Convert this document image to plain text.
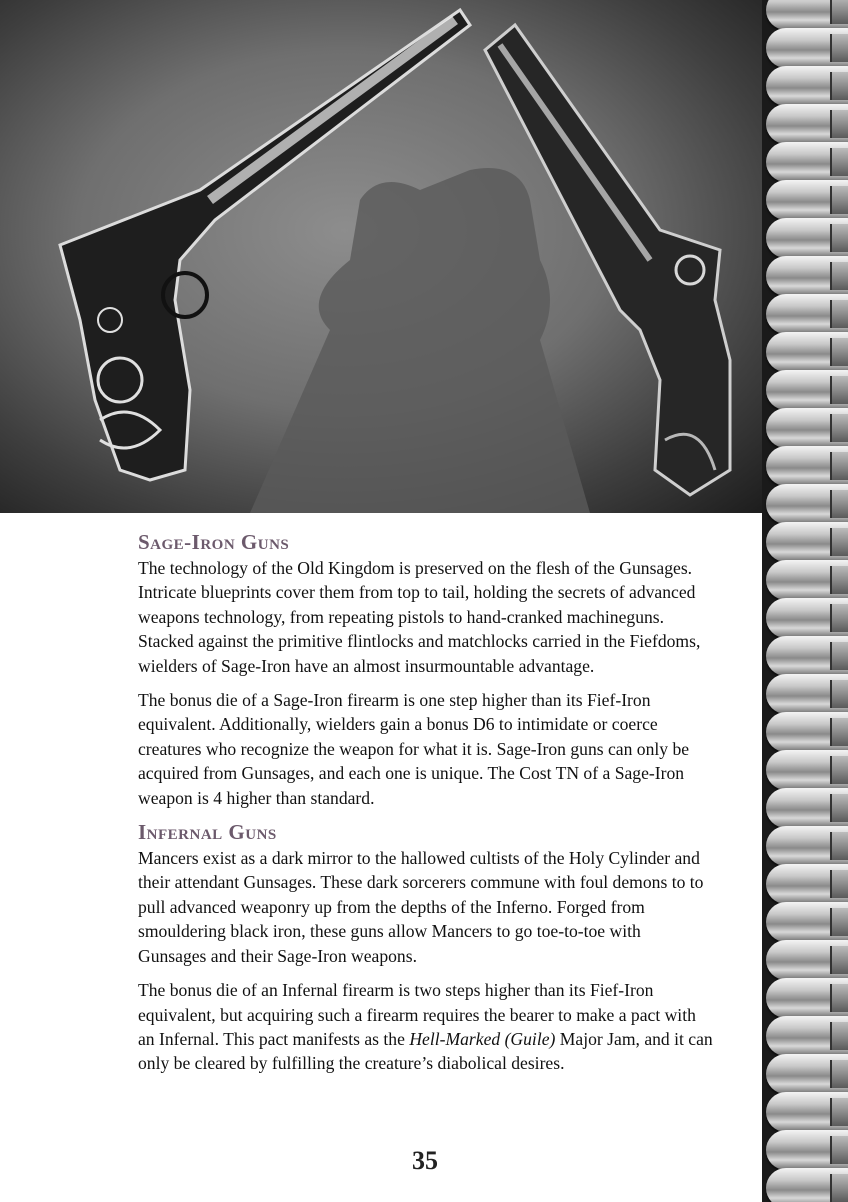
Sage-Iron Guns

The technology of the Old Kingdom is preserved on the flesh of the Gunsages. Intricate blueprints cover them from top to tail, holding the secrets of advanced weapons technology, from repeating pistols to hand-cranked machineguns. Stacked against the primitive flintlocks and matchlocks carried in the Fiefdoms, wielders of Sage-Iron have an almost insurmountable advantage.

The bonus die of a Sage-Iron firearm is one step higher than its Fief-Iron equivalent. Additionally, wielders gain a bonus D6 to intimidate or coerce creatures who recognize the weapon for what it is. Sage-Iron guns can only be acquired from Gunsages, and each one is unique. The Cost TN of a Sage-Iron weapon is 4 higher than standard.

Infernal Guns

Mancers exist as a dark mirror to the hallowed cultists of the Holy Cylinder and their attendant Gunsages. These dark sorcerers commune with foul demons to to pull advanced weaponry up from the depths of the Inferno. Forged from smouldering black iron, these guns allow Mancers to go toe-to-toe with Gunsages and their Sage-Iron weapons.

The bonus die of an Infernal firearm is two steps higher than its Fief-Iron equivalent, but acquiring such a firearm requires the bearer to make a pact with an Infernal. This pact manifests as the Hell-Marked (Guile) Major Jam, and it can only be cleared by fulfilling the creature’s diabolical desires.

35
